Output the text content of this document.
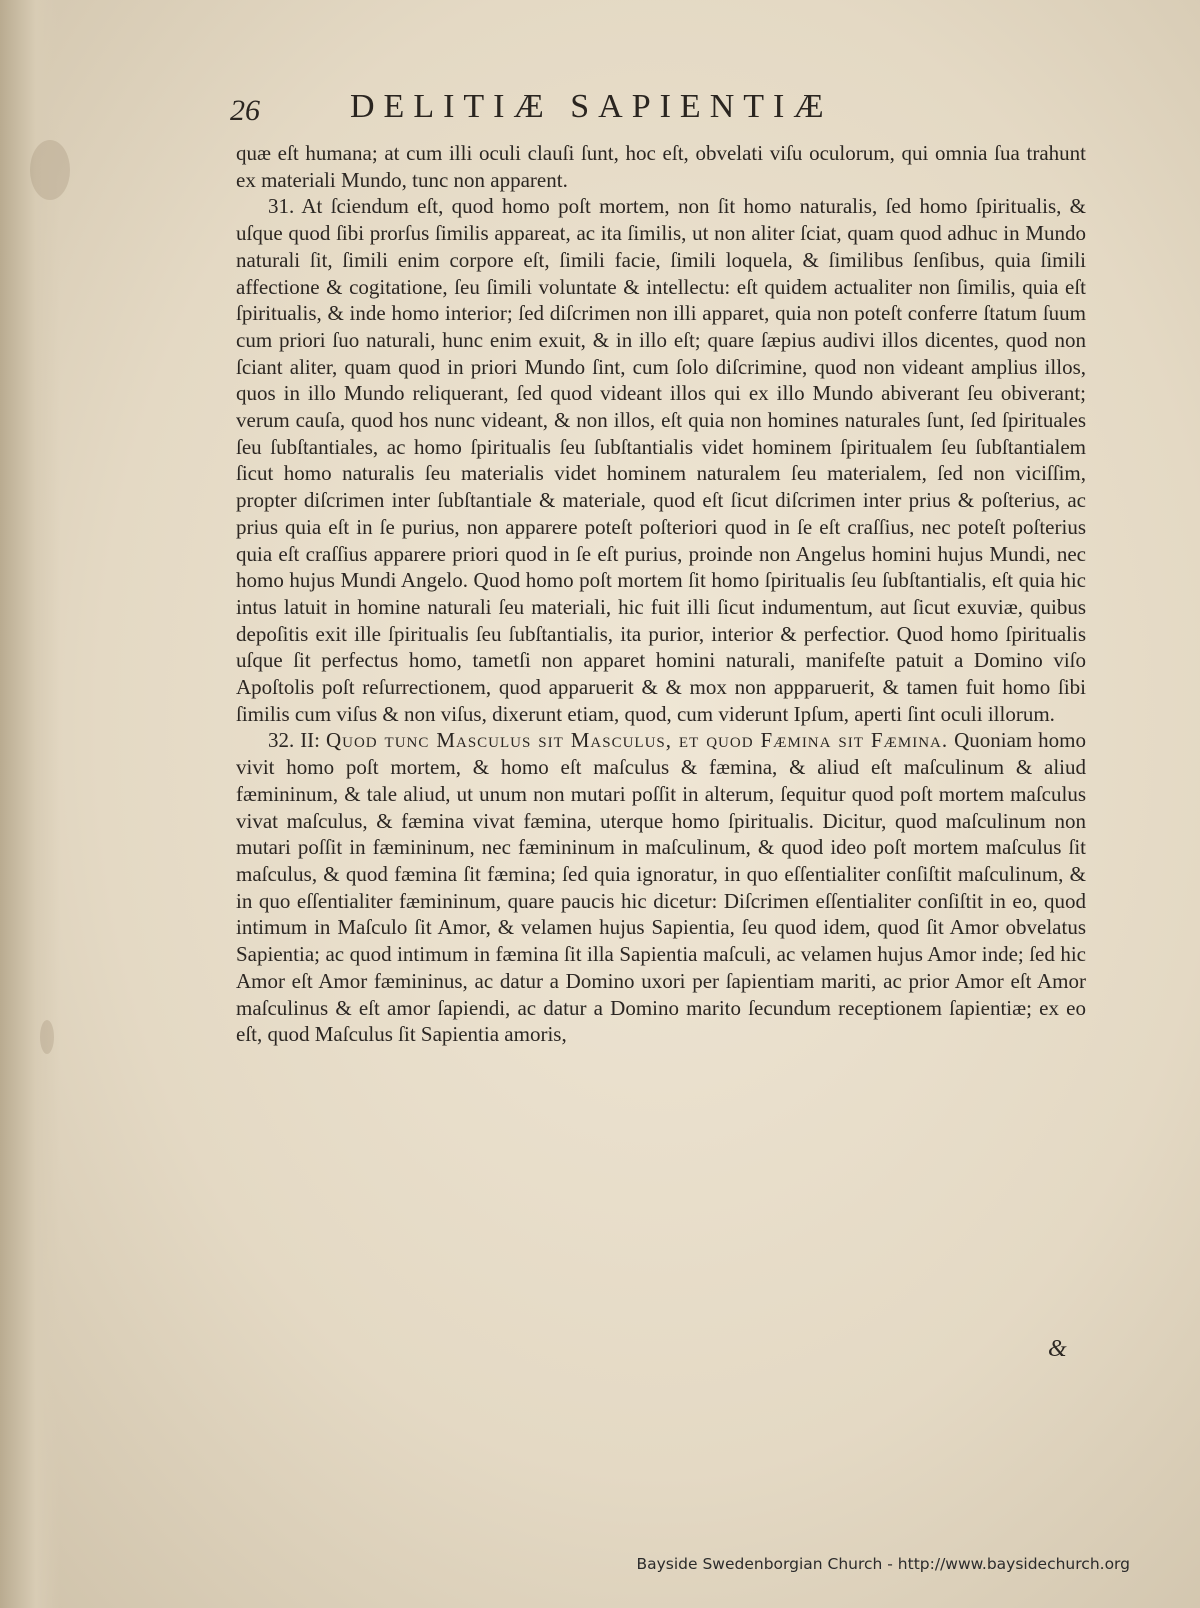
26	DELITIÆ SAPIENTIÆ

quæ eſt humana; at cum illi oculi clauſi ſunt, hoc eſt, obvelati viſu oculorum, qui omnia ſua trahunt ex materiali Mundo, tunc non apparent.

31. At ſciendum eſt, quod homo poſt mortem, non ſit homo naturalis, ſed homo ſpiritualis, & uſque quod ſibi prorſus ſimilis appareat, ac ita ſimilis, ut non aliter ſciat, quam quod adhuc in Mundo naturali ſit, ſimili enim corpore eſt, ſimili facie, ſimili loquela, & ſimilibus ſenſibus, quia ſimili affectione & cogitatione, ſeu ſimili voluntate & intellectu: eſt quidem actualiter non ſimilis, quia eſt ſpiritualis, & inde homo interior; ſed diſcrimen non illi apparet, quia non poteſt conferre ſtatum ſuum cum priori ſuo naturali, hunc enim exuit, & in illo eſt; quare ſæpius audivi illos dicentes, quod non ſciant aliter, quam quod in priori Mundo ſint, cum ſolo diſcrimine, quod non videant amplius illos, quos in illo Mundo reliquerant, ſed quod videant illos qui ex illo Mundo abiverant ſeu obiverant; verum cauſa, quod hos nunc videant, & non illos, eſt quia non homines naturales ſunt, ſed ſpirituales ſeu ſubſtantiales, ac homo ſpiritualis ſeu ſubſtantialis videt hominem ſpiritualem ſeu ſubſtantialem ſicut homo naturalis ſeu materialis videt hominem naturalem ſeu materialem, ſed non viciſſim, propter diſcrimen inter ſubſtantiale & materiale, quod eſt ſicut diſcrimen inter prius & poſterius, ac prius quia eſt in ſe purius, non apparere poteſt poſteriori quod in ſe eſt craſſius, nec poteſt poſterius quia eſt craſſius apparere priori quod in ſe eſt purius, proinde non Angelus homini hujus Mundi, nec homo hujus Mundi Angelo. Quod homo poſt mortem ſit homo ſpiritualis ſeu ſubſtantialis, eſt quia hic intus latuit in homine naturali ſeu materiali, hic fuit illi ſicut indumentum, aut ſicut exuviæ, quibus depoſitis exit ille ſpiritualis ſeu ſubſtantialis, ita purior, interior & perfectior. Quod homo ſpiritualis uſque ſit perfectus homo, tametſi non apparet homini naturali, manifeſte patuit a Domino viſo Apoſtolis poſt reſurrectionem, quod apparuerit & & mox non appparuerit, & tamen fuit homo ſibi ſimilis cum viſus & non viſus, dixerunt etiam, quod, cum viderunt Ipſum, aperti ſint oculi illorum.

32. II: Quod tunc Maſculus ſit Maſculus, et quod Fæmina ſit Fæmina. Quoniam homo vivit homo poſt mortem, & homo eſt maſculus & fæmina, & aliud eſt maſculinum & aliud fæmininum, & tale aliud, ut unum non mutari poſſit in alterum, ſequitur quod poſt mortem maſculus vivat maſculus, & fæmina vivat fæmina, uterque homo ſpiritualis. Dicitur, quod maſculinum non mutari poſſit in fæmininum, nec fæmininum in maſculinum, & quod ideo poſt mortem maſculus ſit maſculus, & quod fæmina ſit fæmina; ſed quia ignoratur, in quo eſſentialiter conſiſtit maſculinum, & in quo eſſentialiter fæmininum, quare paucis hic dicetur: Diſcrimen eſſentialiter conſiſtit in eo, quod intimum in Maſculo ſit Amor, & velamen hujus Sapientia, ſeu quod idem, quod ſit Amor obvelatus Sapientia; ac quod intimum in fæmina ſit illa Sapientia maſculi, ac velamen hujus Amor inde; ſed hic Amor eſt Amor fæmininus, ac datur a Domino uxori per ſapientiam mariti, ac prior Amor eſt Amor maſculinus & eſt amor ſapiendi, ac datur a Domino marito ſecundum receptionem ſapientiæ; ex eo eſt, quod Maſculus ſit Sapientia amoris,

&
Bayside Swedenborgian Church - http://www.baysidechurch.org
